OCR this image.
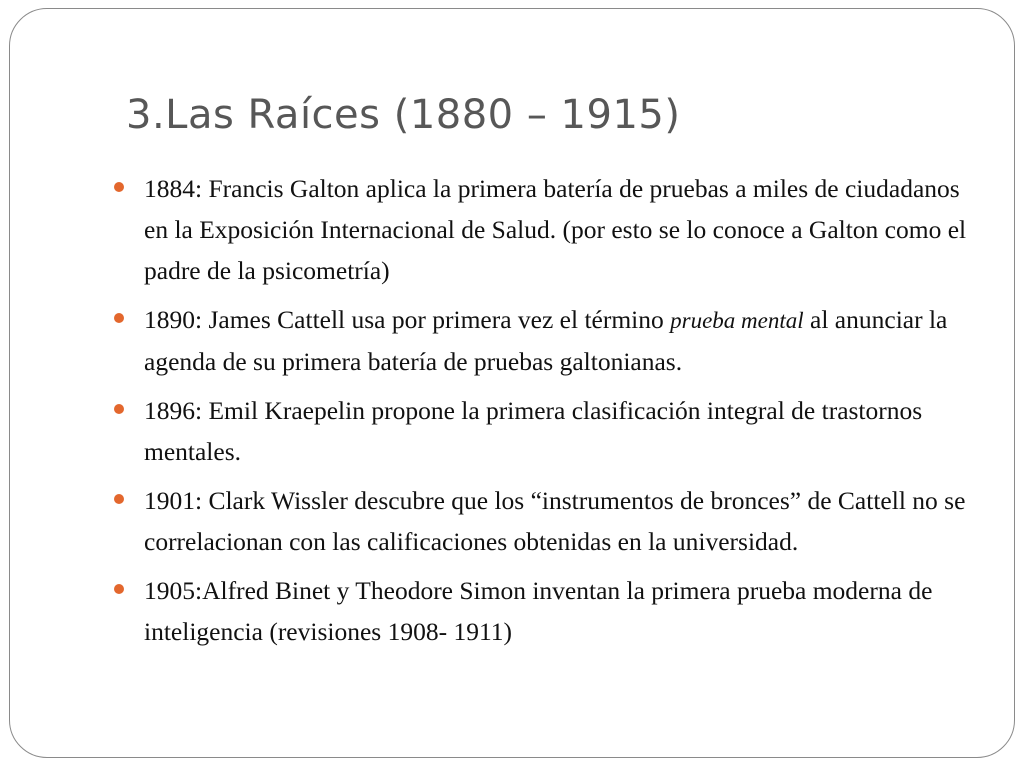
3.Las Raíces (1880 – 1915)
1884: Francis Galton aplica la primera batería de pruebas a miles de ciudadanos en la Exposición Internacional de Salud. (por esto se lo conoce a Galton como el padre de la psicometría)
1890: James Cattell usa por primera vez el término prueba mental al anunciar la agenda de su primera batería de pruebas galtonianas.
1896: Emil Kraepelin propone la primera clasificación integral de trastornos mentales.
1901: Clark Wissler descubre que los “instrumentos de bronces” de Cattell no se correlacionan con las calificaciones obtenidas en la universidad.
1905:Alfred Binet y Theodore Simon inventan la primera prueba moderna de inteligencia (revisiones 1908- 1911)
